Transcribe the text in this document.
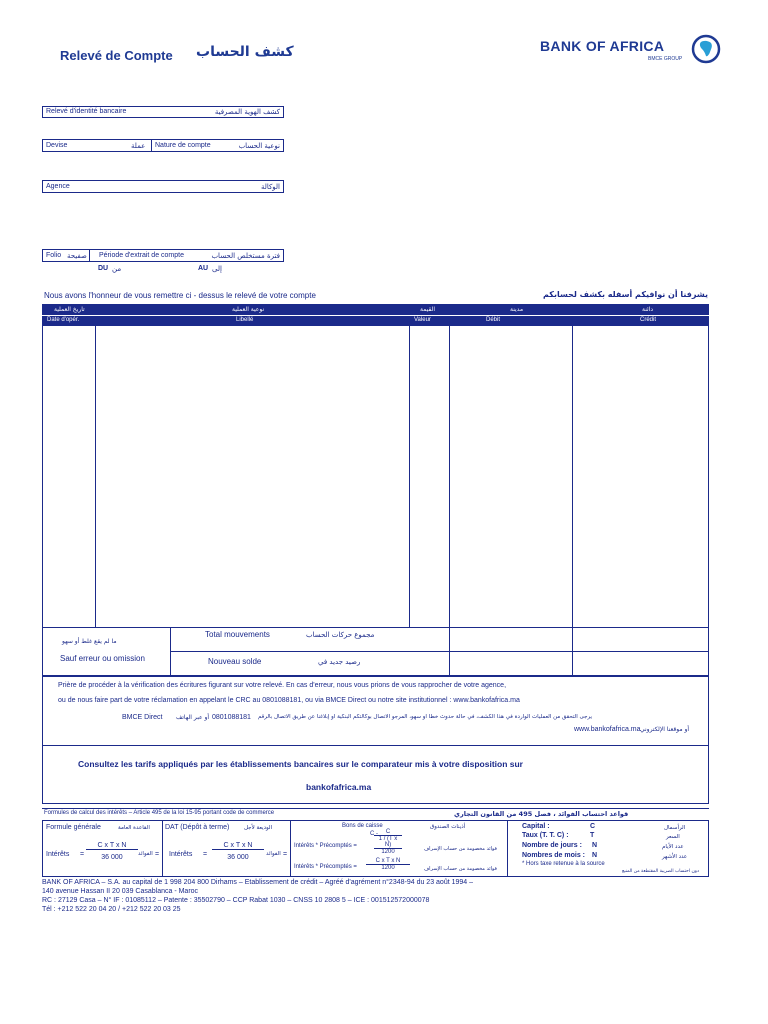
Relevé de Compte كشف الحساب	BANK OF AFRICA
BMCE GROUP
Relevé d'identité bancaire	كشف الهوية المصرفية
Devise	عملة Nature de compte	نوعية الحساب
Agence	الوكالة
Folio صفيحة Période d'extrait de compte	فترة مستخلص الحساب
DU من	AU إلى
Nous avons l'honneur de vous remettre ci - dessus le relevé de votre compte	يشرفنا أن نوافيكم أسفله بكشف لحسابكم
تاريخ العملية	نوعية العملية	القيمة	مدينة	دائنة
Date d'opér.	Libellé	Valeur	Débit	Crédit
ما لم يقع غلط أو سهو
Sauf erreur ou omission
Total mouvements	مجموع حركات الحساب
Nouveau solde	رصيد جديد في
Prière de procéder à la vérification des écritures figurant sur votre relevé. En cas d'erreur, nous vous prions de vous rapprocher de votre agence,
ou de nous faire part de votre réclamation en appelant le CRC au 0801088181, ou via BMCE Direct ou notre site institutionnel : www.bankofafrica.ma
BMCE Direct أو عبر الهاتف 0801088181 يرجى التحقق من العمليات الواردة في هذا الكشف، في حالة حدوث خطأ أو سهو، المرجو الاتصال بوكالتكم البنكية أو إبلاغنا عن طريق الاتصال بالرقم
www.bankofafrica.ma أو موقعنا الإلكتروني
Consultez les tarifs appliqués par les établissements bancaires sur le comparateur mis à votre disposition sur
bankofafrica.ma
Formules de calcul des intérêts – Article 495 de la loi 15-95 portant code de commerce	قواعد احتساب الفوائد ، فصل 495 من القانون التجاري
Formule générale	القاعدة العامة
Intérêts = $\frac{\text{C x T x N}}{36 000}$ الفوائد =
DAT (Dépôt à terme)	الوديعة لأجل
Intérêts = $\frac{\text{C x T x N}}{36 000}$ الفوائد =
Bons de caisse	أذينات الصندوق
Intérêts * Précomptés =
C -	C
1 / (T x N)
1200	فوائد مخصومة من حساب الإسراف
Intérêts * Précomptés = $\frac{\text{C x T x N}}{1200}$	فوائد مخصومة من حساب الإسراف
Capital :	C	الرأسمال
Taux (T. T. C) :	T	السعر
Nombre de jours : N	عدد الأيام
Nombres de mois : N	عدد الأشهر
* Hors taxe retenue à la source
دون احتساب الضريبة المقتطعة من المنبع
BANK OF AFRICA – S.A. au capital de 1 998 204 800 Dirhams – Etablissement de crédit – Agréé d'agrément n°2348-94 du 23 août 1994 –
140 avenue Hassan II 20 039 Casablanca - Maroc
RC : 27129 Casa – N° IF : 01085112 – Patente : 35502790 – CCP Rabat 1030 – CNSS 10 2808 5 – ICE : 001512572000078
Tél : +212 522 20 04 20 / +212 522 20 03 25
